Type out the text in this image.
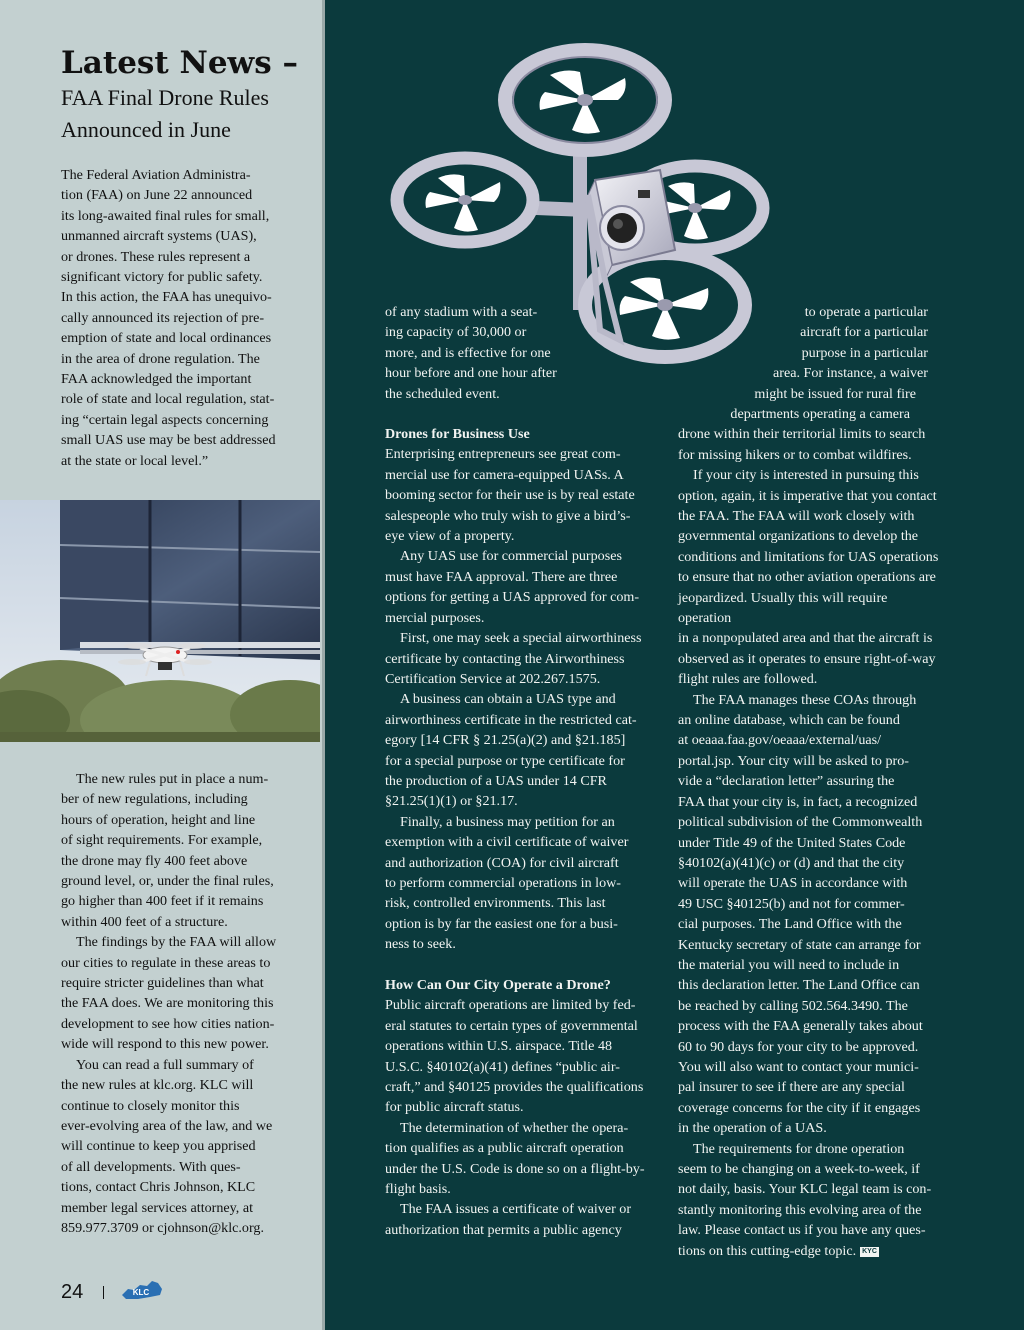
Latest News –
FAA Final Drone Rules
Announced in June

The Federal Aviation Administra-

tion (FAA) on June 22 announced

its long-awaited final rules for small,

unmanned aircraft systems (UAS),

or drones. These rules represent a

significant victory for public safety.

In this action, the FAA has unequivo-

cally announced its rejection of pre-

emption of state and local ordinances

in the area of drone regulation. The

FAA acknowledged the important

role of state and local regulation, stat-

ing “certain legal aspects concerning

small UAS use may be best addressed

at the state or local level.”

The new rules put in place a num-

ber of new regulations, including

hours of operation, height and line

of sight requirements. For example,

the drone may fly 400 feet above

ground level, or, under the final rules,

go higher than 400 feet if it remains

within 400 feet of a structure.

The findings by the FAA will allow

our cities to regulate in these areas to

require stricter guidelines than what

the FAA does. We are monitoring this

development to see how cities nation-

wide will respond to this new power.

You can read a full summary of

the new rules at klc.org. KLC will

continue to closely monitor this

ever-evolving area of the law, and we

will continue to keep you apprised

of all developments. With ques-

tions, contact Chris Johnson, KLC

member legal services attorney, at

859.977.3709 or cjohnson@klc.org.

24	KLC

of any stadium with a seat-

ing capacity of 30,000 or

more, and is effective for one

hour before and one hour after

the scheduled event.

Drones for Business Use

Enterprising entrepreneurs see great com-

mercial use for camera-equipped UASs. A

booming sector for their use is by real estate

salespeople who truly wish to give a bird’s-

eye view of a property.

Any UAS use for commercial purposes

must have FAA approval. There are three

options for getting a UAS approved for com-

mercial purposes.

First, one may seek a special airworthiness

certificate by contacting the Airworthiness

Certification Service at 202.267.1575.

A business can obtain a UAS type and

airworthiness certificate in the restricted cat-

egory [14 CFR § 21.25(a)(2) and §21.185]

for a special purpose or type certificate for

the production of a UAS under 14 CFR

§21.25(1)(1) or §21.17.

Finally, a business may petition for an

exemption with a civil certificate of waiver

and authorization (COA) for civil aircraft

to perform commercial operations in low-

risk, controlled environments. This last

option is by far the easiest one for a busi-

ness to seek.

How Can Our City Operate a Drone?

Public aircraft operations are limited by fed-

eral statutes to certain types of governmental

operations within U.S. airspace. Title 48

U.S.C. §40102(a)(41) defines “public air-

craft,” and §40125 provides the qualifications

for public aircraft status.

The determination of whether the opera-

tion qualifies as a public aircraft operation

under the U.S. Code is done so on a flight-by-

flight basis.

The FAA issues a certificate of waiver or

authorization that permits a public agency

to operate a particular

aircraft for a particular

purpose in a particular

area. For instance, a waiver

might be issued for rural fire

departments operating a camera

drone within their territorial limits to search

for missing hikers or to combat wildfires.

If your city is interested in pursuing this

option, again, it is imperative that you contact

the FAA. The FAA will work closely with

governmental organizations to develop the

conditions and limitations for UAS operations

to ensure that no other aviation operations are

jeopardized. Usually this will require operation

in a nonpopulated area and that the aircraft is

observed as it operates to ensure right-of-way

flight rules are followed.

The FAA manages these COAs through

an online database, which can be found

at oeaaa.faa.gov/oeaaa/external/uas/

portal.jsp. Your city will be asked to pro-

vide a “declaration letter” assuring the

FAA that your city is, in fact, a recognized

political subdivision of the Commonwealth

under Title 49 of the United States Code

§40102(a)(41)(c) or (d) and that the city

will operate the UAS in accordance with

49 USC §40125(b) and not for commer-

cial purposes. The Land Office with the

Kentucky secretary of state can arrange for

the material you will need to include in

this declaration letter. The Land Office can

be reached by calling 502.564.3490. The

process with the FAA generally takes about

60 to 90 days for your city to be approved.

You will also want to contact your munici-

pal insurer to see if there are any special

coverage concerns for the city if it engages

in the operation of a UAS.

The requirements for drone operation

seem to be changing on a week-to-week, if

not daily, basis. Your KLC legal team is con-

stantly monitoring this evolving area of the

law. Please contact us if you have any ques-

tions on this cutting-edge topic. KYC
